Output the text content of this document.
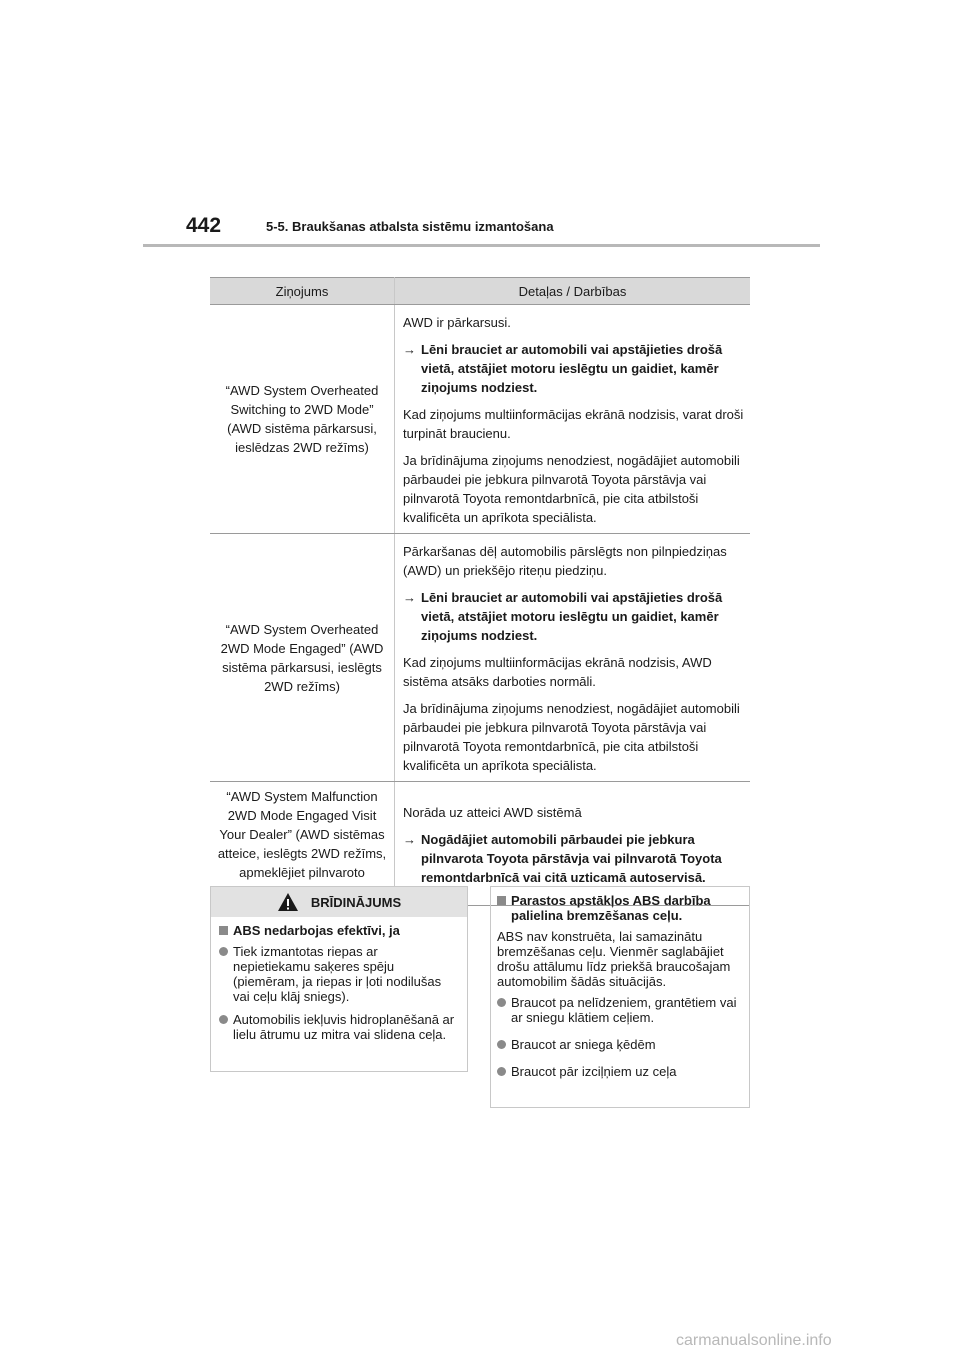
442	5-5. Braukšanas atbalsta sistēmu izmantošana
Ziņojums	Detaļas / Darbības
“AWD System Overheated Switching to 2WD Mode” (AWD sistēma pārkarsusi, ieslēdzas 2WD režīms)	AWD ir pārkarsusi.

→ Lēni brauciet ar automobili vai apstājieties drošā vietā, atstājiet motoru ieslēgtu un gaidiet, kamēr ziņojums nodziest.

Kad ziņojums multiinformācijas ekrānā nodzisis, varat droši turpināt braucienu.

Ja brīdinājuma ziņojums nenodziest, nogādājiet automobili pārbaudei pie jebkura pilnvarotā Toyota pārstāvja vai pilnvarotā Toyota remontdarbnīcā, pie cita atbilstoši kvalificēta un aprīkota speciālista.

“AWD System Overheated 2WD Mode Engaged” (AWD sistēma pārkarsusi, ieslēgts 2WD režīms)	Pārkaršanas dēļ automobilis pārslēgts non pilnpiedziņas (AWD) un priekšējo riteņu piedziņu.

→ Lēni brauciet ar automobili vai apstājieties drošā vietā, atstājiet motoru ieslēgtu un gaidiet, kamēr ziņojums nodziest.

Kad ziņojums multiinformācijas ekrānā nodzisis, AWD sistēma atsāks darboties normāli.

Ja brīdinājuma ziņojums nenodziest, nogādājiet automobili pārbaudei pie jebkura pilnvarotā Toyota pārstāvja vai pilnvarotā Toyota remontdarbnīcā, pie cita atbilstoši kvalificēta un aprīkota speciālista.

“AWD System Malfunction 2WD Mode Engaged Visit Your Dealer” (AWD sistēmas atteice, ieslēgts 2WD režīms, apmeklējiet pilnvaroto	Norāda uz atteici AWD sistēmā

→ Nogādājiet automobili pārbaudei pie jebkura pilnvarota Toyota pārstāvja vai pilnvarotā Toyota remontdarbnīcā vai citā uzticamā autoservisā.

BRĪDINĀJUMS
ABS nedarbojas efektīvi, ja
Tiek izmantotas riepas ar nepietiekamu saķeres spēju (piemēram, ja riepas ir ļoti nodilušas vai ceļu klāj sniegs).
Automobilis iekļuvis hidroplanēšanā ar lielu ātrumu uz mitra vai slidena ceļa.
Parastos apstākļos ABS darbība palielina bremzēšanas ceļu.

ABS nav konstruēta, lai samazinātu bremzēšanas ceļu. Vienmēr saglabājiet drošu attālumu līdz priekšā braucošajam automobilim šādās situācijās.

Braucot pa nelīdzeniem, grantētiem vai ar sniegu klātiem ceļiem.
Braucot ar sniega ķēdēm
Braucot pār izciļņiem uz ceļa
carmanualsonline.info
